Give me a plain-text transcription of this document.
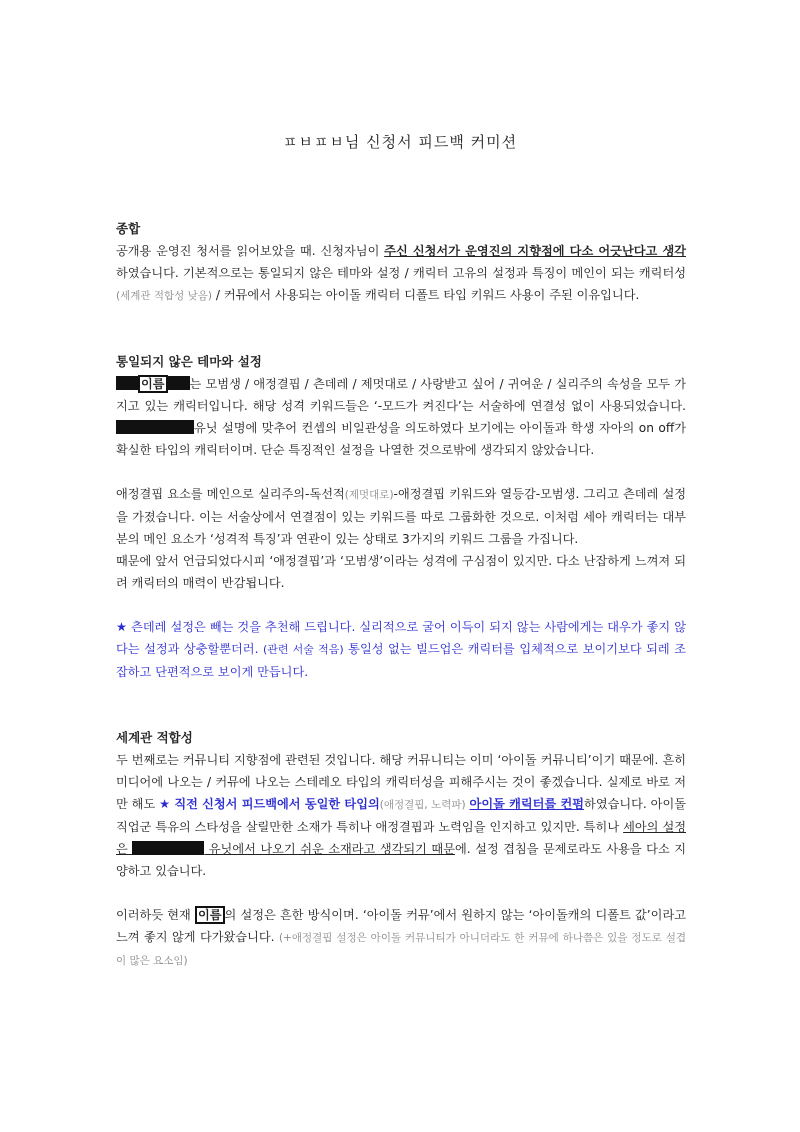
ㅍㅂㅍㅂ님 신청서 피드백 커미션

종합

공개용 운영진 청서를 읽어보았을 때. 신청자님이 주신 신청서가 운영진의 지향점에 다소 어긋난다고 생각하였습니다. 기본적으로는 통일되지 않은 테마와 설정 / 캐릭터 고유의 설정과 특징이 메인이 되는 캐릭터성(세계관 적합성 낮음) / 커뮤에서 사용되는 아이돌 캐릭터 디폴트 타입 키워드 사용이 주된 이유입니다.

통일되지 않은 테마와 설정

이름 는 모범생 / 애정결핍 / 츤데레 / 제멋대로 / 사랑받고 싶어 / 귀여운 / 실리주의 속성을 모두 가지고 있는 캐릭터입니다. 해당 성격 키워드들은 ‘-모드가 켜진다’는 서술하에 연결성 없이 사용되었습니다. 유닛 설명에 맞추어 컨셉의 비일관성을 의도하였다 보기에는 아이돌과 학생 자아의 on off가 확실한 타입의 캐릭터이며. 단순 특징적인 설정을 나열한 것으로밖에 생각되지 않았습니다.

애정결핍 요소를 메인으로 실리주의-독선적(제멋대로)-애정결핍 키워드와 열등감-모범생. 그리고 츤데레 설정을 가졌습니다. 이는 서술상에서 연결점이 있는 키워드를 따로 그룹화한 것으로. 이처럼 세아 캐릭터는 대부분의 메인 요소가 ‘성격적 특징’과 연관이 있는 상태로 3가지의 키워드 그룹을 가집니다.
때문에 앞서 언급되었다시피 ‘애정결핍’과 ‘모범생’이라는 성격에 구심점이 있지만. 다소 난잡하게 느껴져 되려 캐릭터의 매력이 반감됩니다.

★ 츤데레 설정은 빼는 것을 추천해 드립니다. 실리적으로 굴어 이득이 되지 않는 사람에게는 대우가 좋지 않다는 설정과 상충할뿐더러. (관련 서술 적음) 통일성 없는 빌드업은 캐릭터를 입체적으로 보이기보다 되레 조잡하고 단편적으로 보이게 만듭니다.

세계관 적합성

두 번째로는 커뮤니티 지향점에 관련된 것입니다. 해당 커뮤니티는 이미 ‘아이돌 커뮤니티’이기 때문에. 흔히 미디어에 나오는 / 커뮤에 나오는 스테레오 타입의 캐릭터성을 피해주시는 것이 좋겠습니다. 실제로 바로 저만 해도 ★ 직전 신청서 피드백에서 동일한 타입의(애정결핍, 노력파) 아이돌 캐릭터를 컨펌하였습니다. 아이돌 직업군 특유의 스타성을 살릴만한 소재가 특히나 애정결핍과 노력임을 인지하고 있지만. 특히나 세아의 설정은	유닛에서 나오기 쉬운 소재라고 생각되기 때문에. 설정 겹침을 문제로라도 사용을 다소 지양하고 있습니다.

이러하듯 현재 이름 의 설정은 흔한 방식이며. ‘아이돌 커뮤’에서 원하지 않는 ‘아이돌캐의 디폴트 값’이라고 느껴 좋지 않게 다가왔습니다. (+애정결핍 설정은 아이돌 커뮤니티가 아니더라도 한 커뮤에 하나쯤은 있을 정도로 설겹이 많은 요소임)
